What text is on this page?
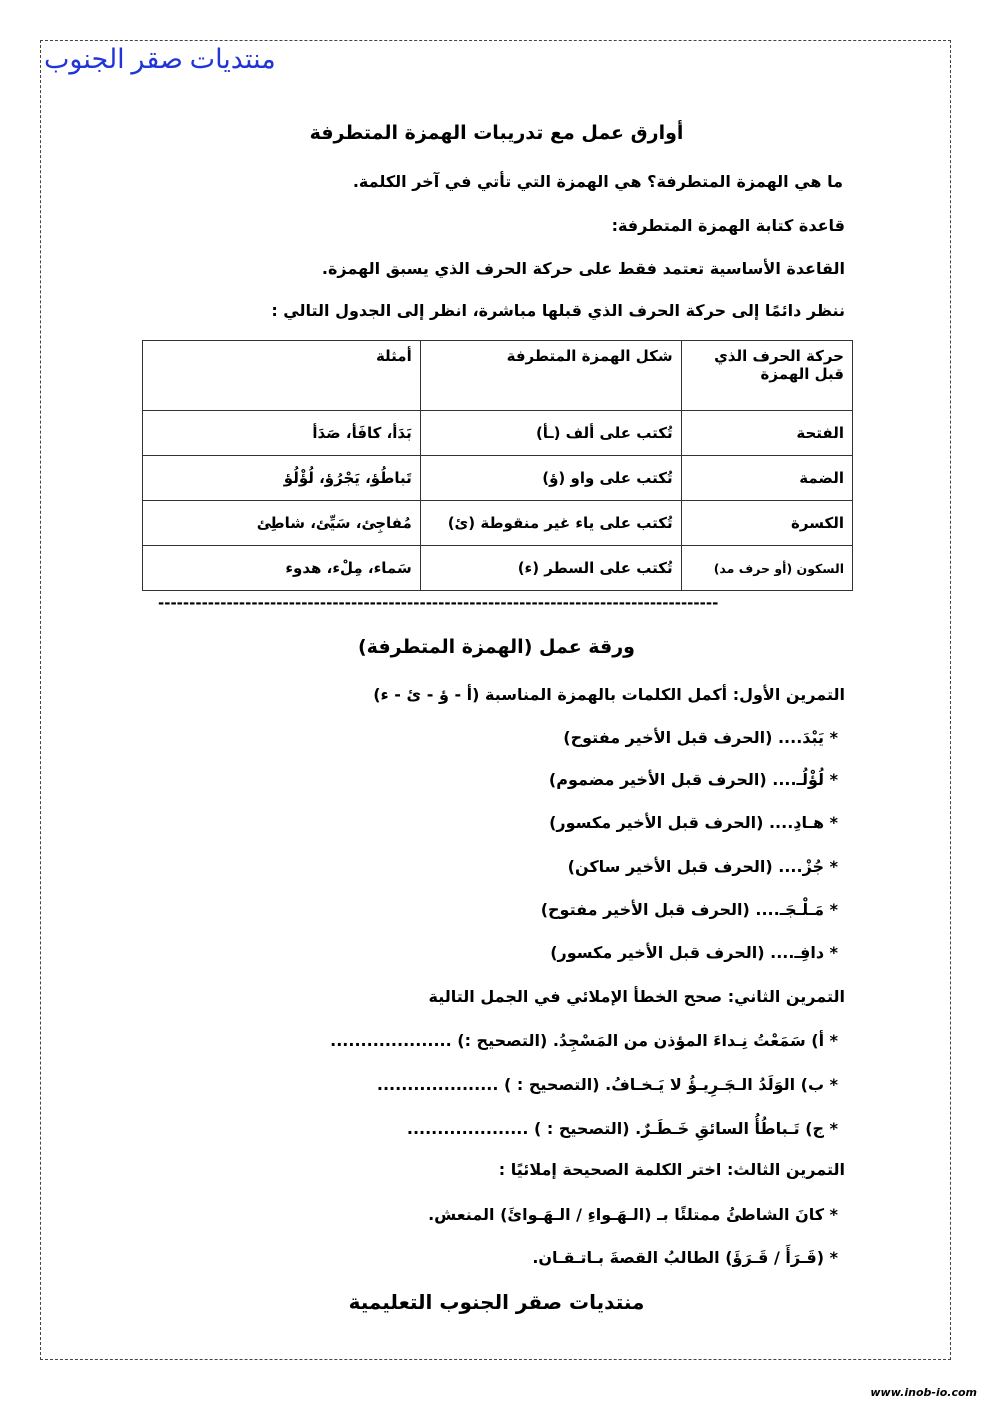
منتديات صقر الجنوب
أوارق عمل مع تدريبات الهمزة المتطرفة
ما هي الهمزة المتطرفة؟ هي الهمزة التي تأتي في آخر الكلمة.
قاعدة كتابة الهمزة المتطرفة:
القاعدة الأساسية تعتمد فقط على حركة الحرف الذي يسبق الهمزة.
ننظر دائمًا إلى حركة الحرف الذي قبلها مباشرة، انظر إلى الجدول التالي :
حركة الحرف الذي قبل الهمزة	شكل الهمزة المتطرفة	أمثلة
الفتحة	تُكتب على ألف (ـأ)	بَدَأ، كافَأ، صَدَأ
الضمة	تُكتب على واو (ؤ)	تَباطُؤ، يَجْرُؤ، لُؤْلُؤ
الكسرة	تُكتب على ياء غير منقوطة (ئ)	مُفاجِئ، سَيِّئ، شاطِئ
السكون (أو حرف مد)	تُكتب على السطر (ء)	سَماء، مِلْء، هدوء
------------------------------------------------------------------------------------------
ورقة عمل (الهمزة المتطرفة)
التمرين الأول: أكمل الكلمات بالهمزة المناسبة (أ - ؤ - ئ - ء)
* يَبْدَ.... (الحرف قبل الأخير مفتوح)
* لُؤْلُـ.... (الحرف قبل الأخير مضموم)
* هـادِ.... (الحرف قبل الأخير مكسور)
* جُزْ.... (الحرف قبل الأخير ساكن)
* مَـلْـجَـ.... (الحرف قبل الأخير مفتوح)
* دافِـ.... (الحرف قبل الأخير مكسور)
التمرين الثاني: صحح الخطأ الإملائي في الجمل التالية
* أ) سَمَعْتُ نِـداءَ المؤذن من المَسْجِدُ. (التصحيح :) ....................
* ب) الوَلَدُ الـجَـرِيـؤُ لا يَـخـافُ. (التصحيح : ) ....................
* ج) تَـباطُأُ السائقِ خَـطَـرٌ. (التصحيح : ) ....................
التمرين الثالث: اختر الكلمة الصحيحة إملائيًا :
* كانَ الشاطئُ ممتلئًا بـ (الـهَـواءِ / الـهَـوائَ) المنعش.
* (قَـرَأَ / قَـرَؤَ) الطالبُ القصةَ بـاتـقـان.
منتديات صقر الجنوب التعليمية
www.inob-io.com
